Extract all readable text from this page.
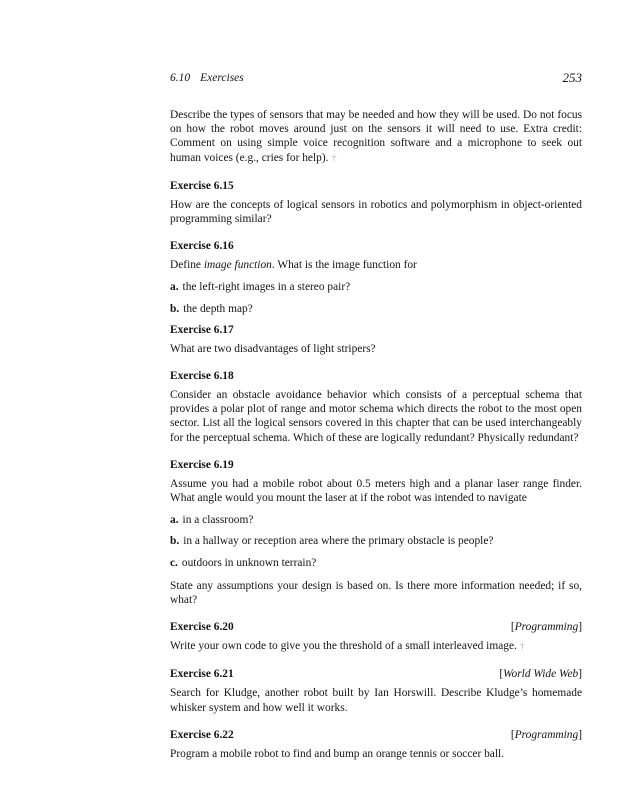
6.10 Exercises	253

Describe the types of sensors that may be needed and how they will be used. Do not focus on how the robot moves around just on the sensors it will need to use. Extra credit: Comment on using simple voice recognition software and a microphone to seek out human voices (e.g., cries for help). †

Exercise 6.15

How are the concepts of logical sensors in robotics and polymorphism in object-oriented programming similar?

Exercise 6.16

Define image function. What is the image function for

a. the left-right images in a stereo pair?
b. the depth map?
Exercise 6.17

What are two disadvantages of light stripers?

Exercise 6.18

Consider an obstacle avoidance behavior which consists of a perceptual schema that provides a polar plot of range and motor schema which directs the robot to the most open sector. List all the logical sensors covered in this chapter that can be used interchangeably for the perceptual schema. Which of these are logically redundant? Physically redundant?

Exercise 6.19

Assume you had a mobile robot about 0.5 meters high and a planar laser range finder. What angle would you mount the laser at if the robot was intended to navigate

a. in a classroom?
b. in a hallway or reception area where the primary obstacle is people?
c. outdoors in unknown terrain?

State any assumptions your design is based on. Is there more information needed; if so, what?

Exercise 6.20	[Programming]

Write your own code to give you the threshold of a small interleaved image. †

Exercise 6.21	[World Wide Web]

Search for Kludge, another robot built by Ian Horswill. Describe Kludge’s homemade whisker system and how well it works.

Exercise 6.22	[Programming]

Program a mobile robot to find and bump an orange tennis or soccer ball.
